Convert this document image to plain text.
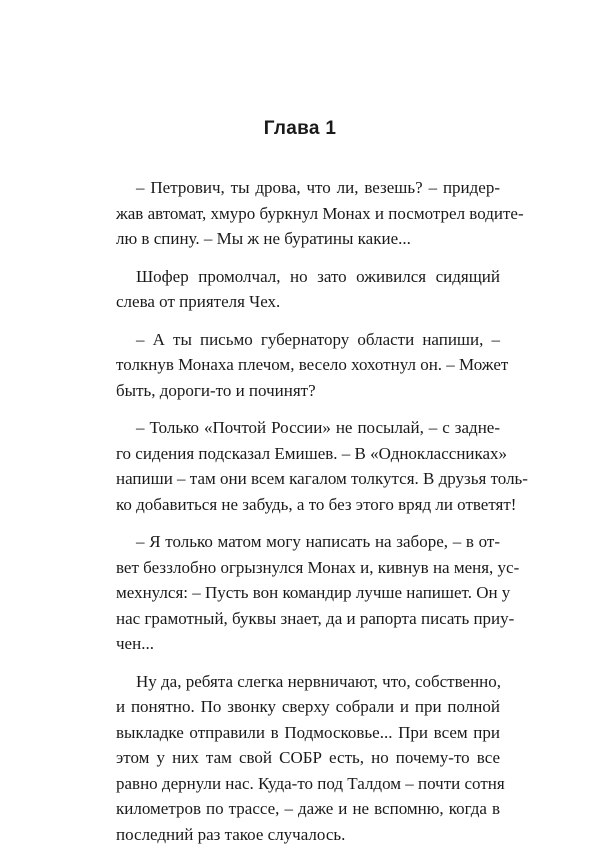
Глава 1
– Петрович, ты дрова, что ли, везешь? – придер-
жав автомат, хмуро буркнул Монах и посмотрел водите-
лю в спину. – Мы ж не буратины какие...
Шофер промолчал, но зато оживился сидящий
слева от приятеля Чех.
– А ты письмо губернатору области напиши, –
толкнув Монаха плечом, весело хохотнул он. – Может
быть, дороги-то и починят?
– Только «Почтой России» не посылай, – с задне-
го сидения подсказал Емишев. – В «Одноклассниках»
напиши – там они всем кагалом толкутся. В друзья толь-
ко добавиться не забудь, а то без этого вряд ли ответят!
– Я только матом могу написать на заборе, – в от-
вет беззлобно огрызнулся Монах и, кивнув на меня, ус-
мехнулся: – Пусть вон командир лучше напишет. Он у
нас грамотный, буквы знает, да и рапорта писать приу-
чен...
Ну да, ребята слегка нервничают, что, собственно,
и понятно. По звонку сверху собрали и при полной
выкладке отправили в Подмосковье... При всем при
этом у них там свой СОБР есть, но почему-то все
равно дернули нас. Куда-то под Талдом – почти сотня
километров по трассе, – даже и не вспомню, когда в
последний раз такое случалось.
